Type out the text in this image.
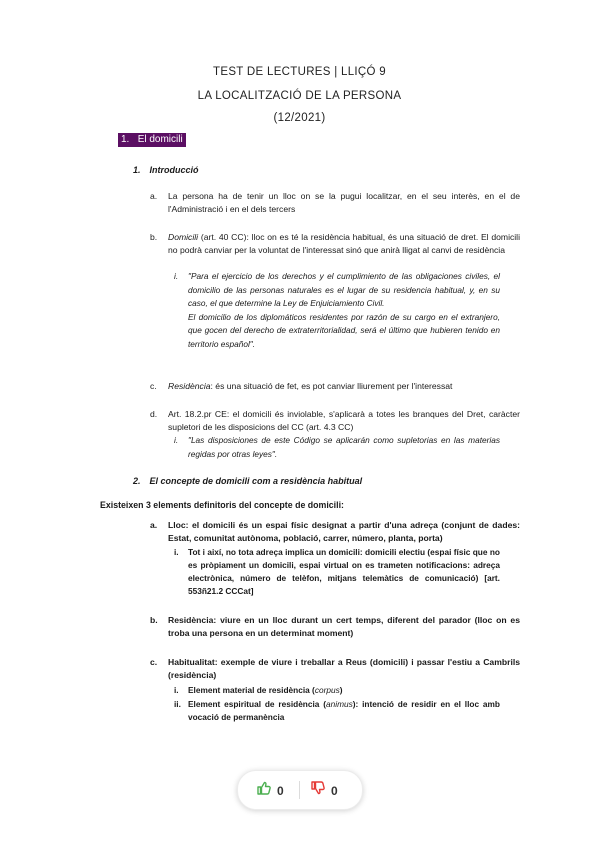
TEST DE LECTURES | LLIÇÓ 9
LA LOCALITZACIÓ DE LA PERSONA
(12/2021)
1. El domicili
1. Introducció
a. La persona ha de tenir un lloc on se la pugui localitzar, en el seu interès, en el de l'Administració i en el dels tercers
b. Domicili (art. 40 CC): lloc on es té la residència habitual, és una situació de dret. El domicili no podrà canviar per la voluntat de l'interessat sinó que anirà lligat al canvi de residència
i. "Para el ejercicio de los derechos y el cumplimiento de las obligaciones civiles, el domicilio de las personas naturales es el lugar de su residencia habitual, y, en su caso, el que determine la Ley de Enjuiciamiento Civil.
El domicilio de los diplomáticos residentes por razón de su cargo en el extranjero, que gocen del derecho de extraterritorialidad, será el último que hubieren tenido en territorio español".
c. Residència: és una situació de fet, es pot canviar lliurement per l'interessat
d. Art. 18.2.pr CE: el domicili és inviolable, s'aplicarà a totes les branques del Dret, caràcter supletori de les disposicions del CC (art. 4.3 CC)
i. "Las disposiciones de este Código se aplicarán como supletorias en las materias regidas por otras leyes".
2. El concepte de domicili com a residència habitual
Existeixen 3 elements definitoris del concepte de domicili:
a. Lloc: el domicili és un espai físic designat a partir d'una adreça (conjunt de dades: Estat, comunitat autònoma, població, carrer, número, planta, porta)
i. Tot i així, no tota adreça implica un domicili: domicili electiu (espai físic que no es pròpiament un domicili, espai virtual on es trameten notificacions: adreça electrònica, número de telèfon, mitjans telemàtics de comunicació) [art. 553ñ21.2 CCCat]
b. Residència: viure en un lloc durant un cert temps, diferent del parador (lloc on es troba una persona en un determinat moment)
c. Habitualitat: exemple de viure i treballar a Reus (domicili) i passar l'estiu a Cambrils (residència)
i. Element material de residència (corpus)
ii. Element espiritual de residència (animus): intenció de residir en el lloc amb vocació de permanència
0	0
